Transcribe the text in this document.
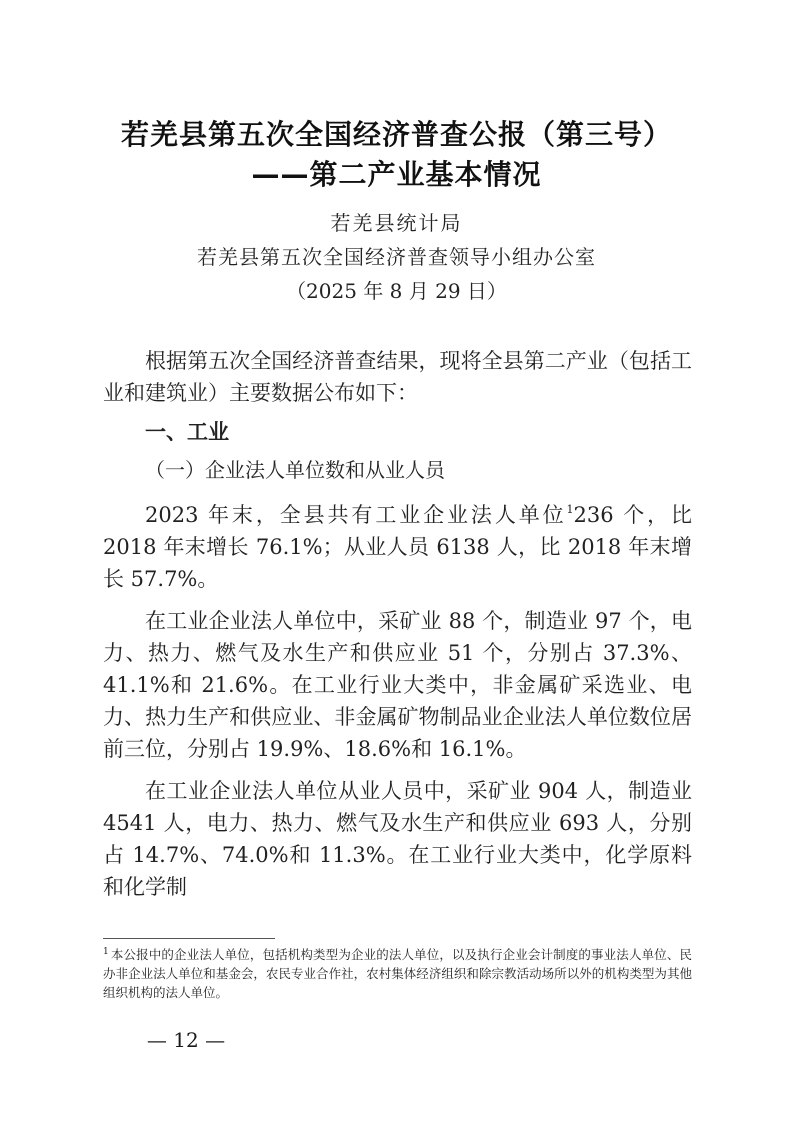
若羌县第五次全国经济普查公报（第三号）
——第二产业基本情况
若羌县统计局
若羌县第五次全国经济普查领导小组办公室
（2025 年 8 月 29 日）

根据第五次全国经济普查结果，现将全县第二产业（包括工业和建筑业）主要数据公布如下：

一、工业

（一）企业法人单位数和从业人员

2023 年末，全县共有工业企业法人单位$^1$236 个，比 2018 年末增长 76.1%；从业人员 6138 人，比 2018 年末增长 57.7%。

在工业企业法人单位中，采矿业 88 个，制造业 97 个，电力、热力、燃气及水生产和供应业 51 个，分别占 37.3%、41.1%和 21.6%。在工业行业大类中，非金属矿采选业、电力、热力生产和供应业、非金属矿物制品业企业法人单位数位居前三位，分别占 19.9%、18.6%和 16.1%。

在工业企业法人单位从业人员中，采矿业 904 人，制造业 4541 人，电力、热力、燃气及水生产和供应业 693 人，分别占 14.7%、74.0%和 11.3%。在工业行业大类中，化学原料和化学制

$^1$ 本公报中的企业法人单位，包括机构类型为企业的法人单位，以及执行企业会计制度的事业法人单位、民办非企业法人单位和基金会，农民专业合作社，农村集体经济组织和除宗教活动场所以外的机构类型为其他组织机构的法人单位。
— 12 —
